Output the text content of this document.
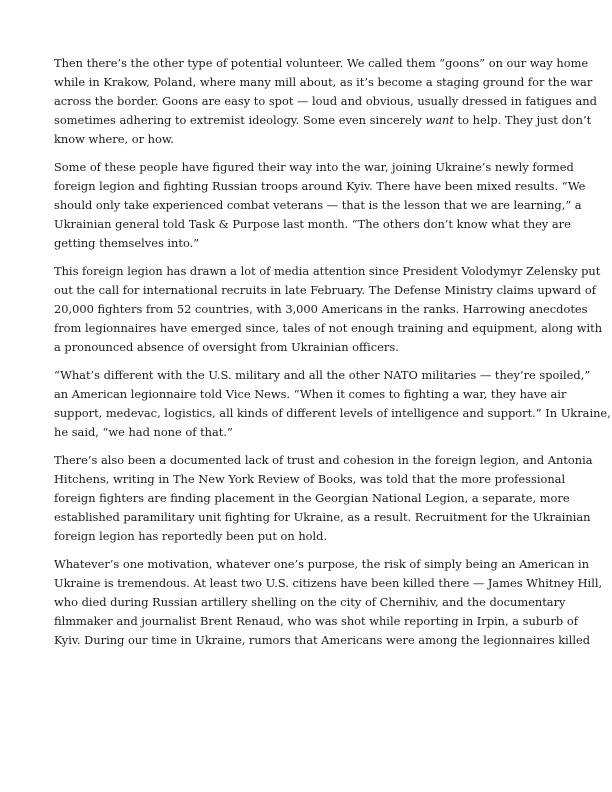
Then there’s the other type of potential volunteer. We called them “goons” on our way home
while in Krakow, Poland, where many mill about, as it’s become a staging ground for the war
across the border. Goons are easy to spot — loud and obvious, usually dressed in fatigues and
sometimes adhering to extremist ideology. Some even sincerely want to help. They just don’t
know where, or how.

Some of these people have figured their way into the war, joining Ukraine’s newly formed
foreign legion and fighting Russian troops around Kyiv. There have been mixed results. “We
should only take experienced combat veterans — that is the lesson that we are learning,” a
Ukrainian general told Task & Purpose last month. “The others don’t know what they are
getting themselves into.”

This foreign legion has drawn a lot of media attention since President Volodymyr Zelensky put
out the call for international recruits in late February. The Defense Ministry claims upward of
20,000 fighters from 52 countries, with 3,000 Americans in the ranks. Harrowing anecdotes
from legionnaires have emerged since, tales of not enough training and equipment, along with
a pronounced absence of oversight from Ukrainian officers.

“What’s different with the U.S. military and all the other NATO militaries — they’re spoiled,”
an American legionnaire told Vice News. “When it comes to fighting a war, they have air
support, medevac, logistics, all kinds of different levels of intelligence and support.” In Ukraine,
he said, “we had none of that.”

There’s also been a documented lack of trust and cohesion in the foreign legion, and Antonia
Hitchens, writing in The New York Review of Books, was told that the more professional
foreign fighters are finding placement in the Georgian National Legion, a separate, more
established paramilitary unit fighting for Ukraine, as a result. Recruitment for the Ukrainian
foreign legion has reportedly been put on hold.

Whatever’s one motivation, whatever one’s purpose, the risk of simply being an American in
Ukraine is tremendous. At least two U.S. citizens have been killed there — James Whitney Hill,
who died during Russian artillery shelling on the city of Chernihiv, and the documentary
filmmaker and journalist Brent Renaud, who was shot while reporting in Irpin, a suburb of
Kyiv. During our time in Ukraine, rumors that Americans were among the legionnaires killed
